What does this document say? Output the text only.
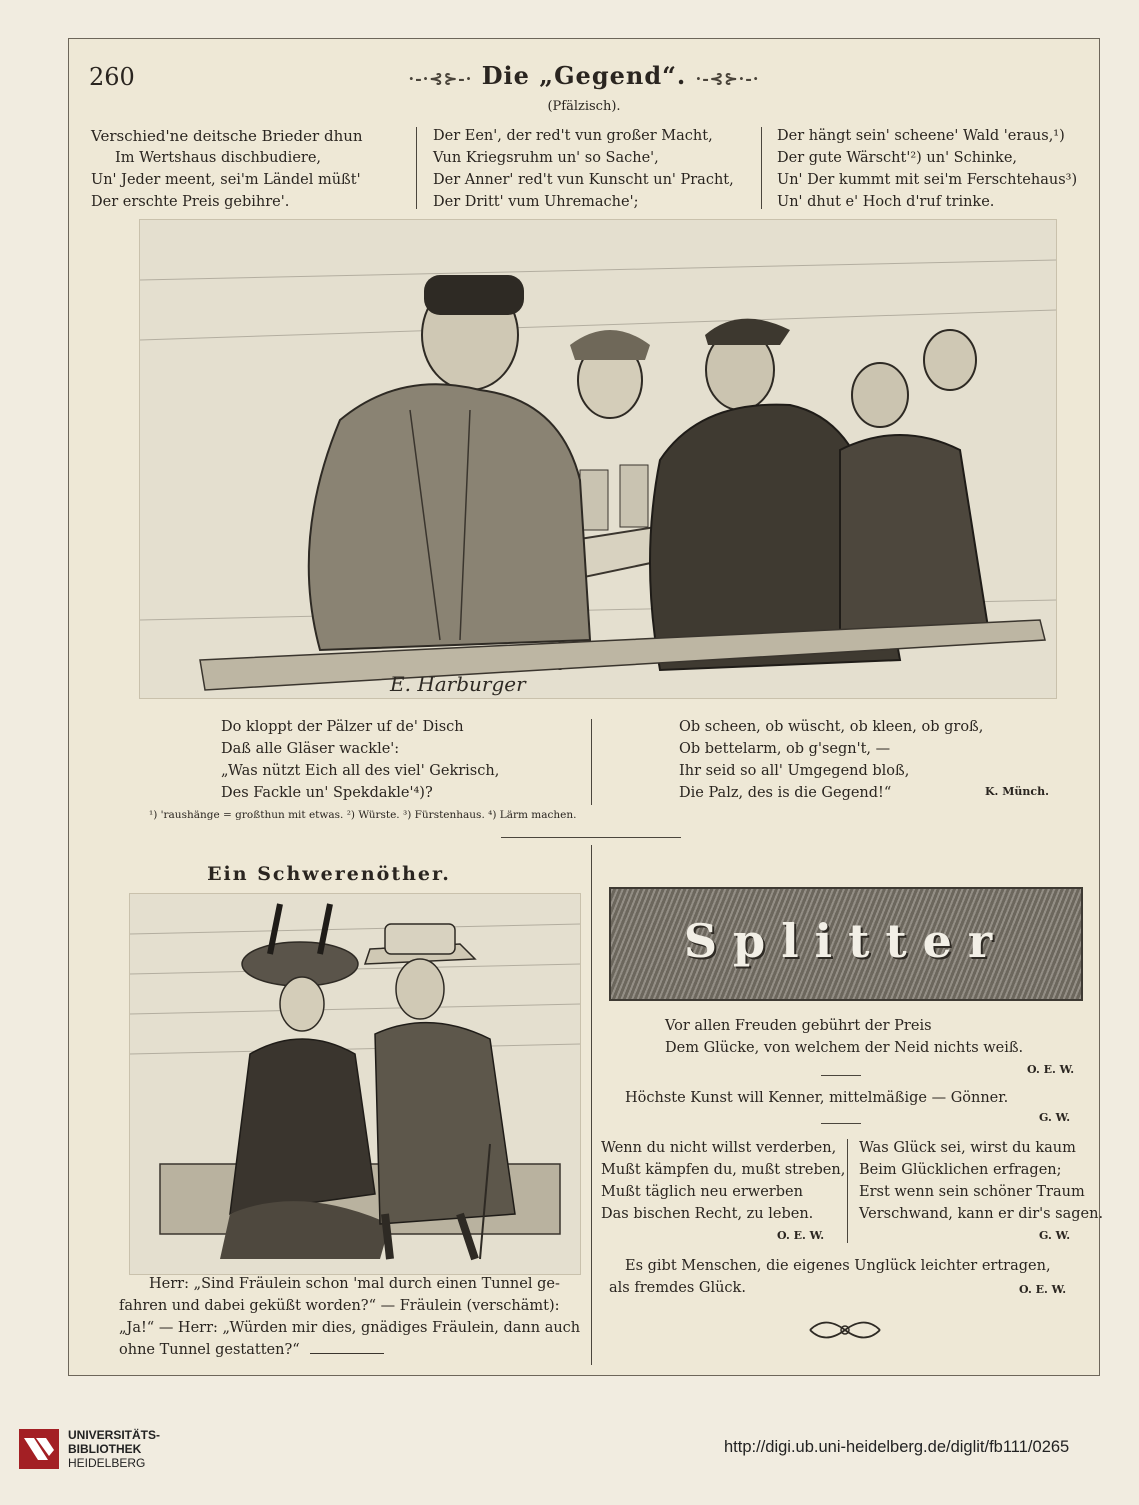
260	·-·⊰⊱-· Die „Gegend“. ·-⊰⊱·-·
(Pfälzisch).
Verschied'ne deitsche Brieder dhun
Im Wertshaus dischbudiere,
Un' Jeder meent, sei'm Ländel müßt'
Der erschte Preis gebihre'.
Der Een', der red't vun großer Macht,
Vun Kriegsruhm un' so Sache',
Der Anner' red't vun Kunscht un' Pracht,
Der Dritt' vum Uhremache';
Der hängt sein' scheene' Wald 'eraus,¹)
Der gute Wärscht'²) un' Schinke,
Un' Der kummt mit sei'm Ferschtehaus³)
Un' dhut e' Hoch d'ruf trinke.
E. Harburger
Do kloppt der Pälzer uf de' Disch
Daß alle Gläser wackle':
„Was nützt Eich all des viel' Gekrisch,
Des Fackle un' Spekdakle'⁴)?
Ob scheen, ob wüscht, ob kleen, ob groß,
Ob bettelarm, ob g'segn't, —
Ihr seid so all' Umgegend bloß,
Die Palz, des is die Gegend!“	K. Münch.
¹) 'raushänge = großthun mit etwas. ²) Würste. ³) Fürstenhaus. ⁴) Lärm machen.
Ein Schwerenöther.
Herr: „Sind Fräulein schon 'mal durch einen Tunnel ge-
fahren und dabei geküßt worden?“ — Fräulein (verschämt):
„Ja!“ — Herr: „Würden mir dies, gnädiges Fräulein, dann auch
ohne Tunnel gestatten?“
Splitter
Vor allen Freuden gebührt der Preis
Dem Glücke, von welchem der Neid nichts weiß.
O. E. W.
Höchste Kunst will Kenner, mittelmäßige — Gönner.
G. W.
Wenn du nicht willst verderben,
Mußt kämpfen du, mußt streben,
Mußt täglich neu erwerben
Das bischen Recht, zu leben.
O. E. W.
Was Glück sei, wirst du kaum
Beim Glücklichen erfragen;
Erst wenn sein schöner Traum
Verschwand, kann er dir's sagen.
G. W.
Es gibt Menschen, die eigenes Unglück leichter ertragen,
als fremdes Glück.	O. E. W.
UNIVERSITÄTS-
BIBLIOTHEK
HEIDELBERG
http://digi.ub.uni-heidelberg.de/diglit/fb111/0265
